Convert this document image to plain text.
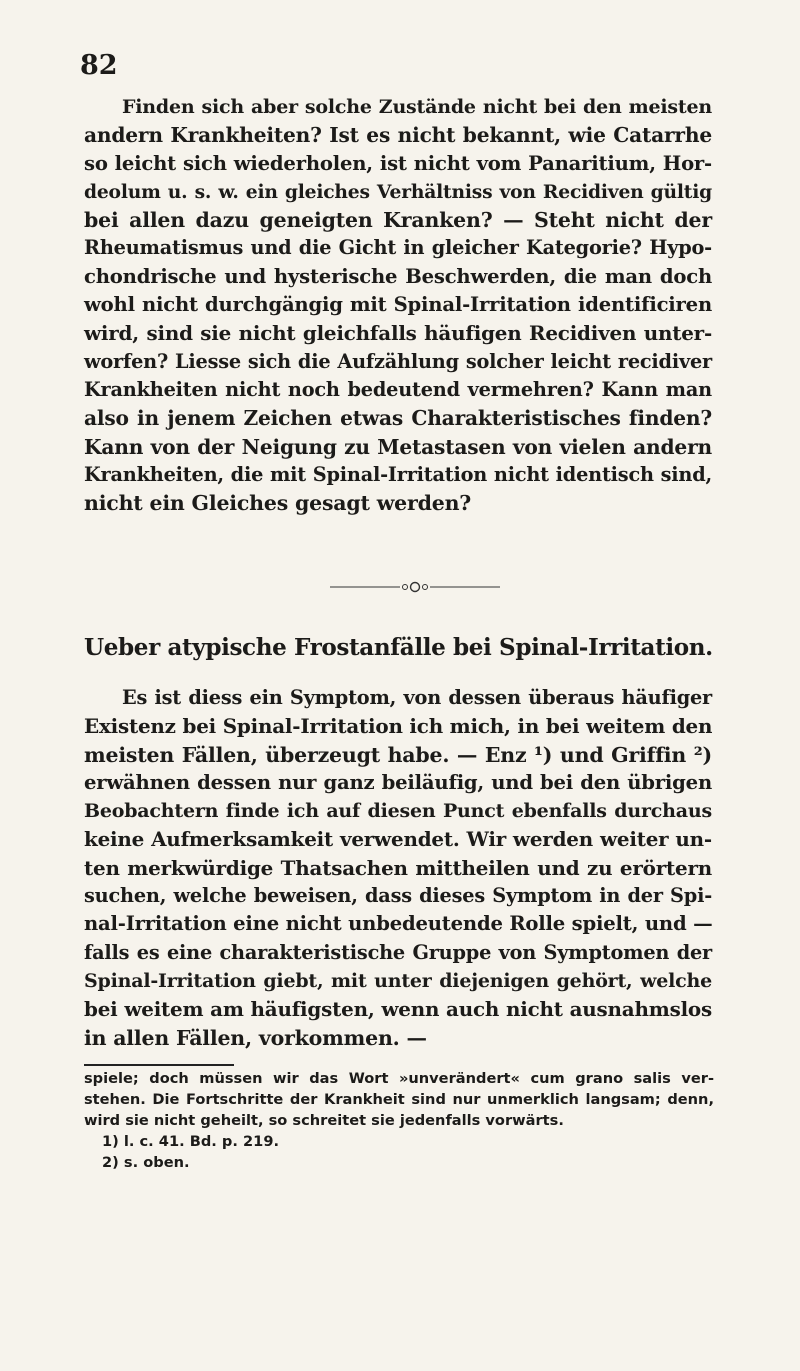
82
Finden sich aber solche Zustände nicht bei den meisten
andern Krankheiten? Ist es nicht bekannt, wie Catarrhe
so leicht sich wiederholen, ist nicht vom Panaritium, Hor-
deolum u. s. w. ein gleiches Verhältniss von Recidiven gültig
bei allen dazu geneigten Kranken? — Steht nicht der
Rheumatismus und die Gicht in gleicher Kategorie? Hypo-
chondrische und hysterische Beschwerden, die man doch
wohl nicht durchgängig mit Spinal-Irritation identificiren
wird, sind sie nicht gleichfalls häufigen Recidiven unter-
worfen? Liesse sich die Aufzählung solcher leicht recidiver
Krankheiten nicht noch bedeutend vermehren? Kann man
also in jenem Zeichen etwas Charakteristisches finden?
Kann von der Neigung zu Metastasen von vielen andern
Krankheiten, die mit Spinal-Irritation nicht identisch sind,
nicht ein Gleiches gesagt werden?
Ueber atypische Frostanfälle bei Spinal-Irritation.
Es ist diess ein Symptom, von dessen überaus häufiger
Existenz bei Spinal-Irritation ich mich, in bei weitem den
meisten Fällen, überzeugt habe. — Enz ¹) und Griffin ²)
erwähnen dessen nur ganz beiläufig, und bei den übrigen
Beobachtern finde ich auf diesen Punct ebenfalls durchaus
keine Aufmerksamkeit verwendet. Wir werden weiter un-
ten merkwürdige Thatsachen mittheilen und zu erörtern
suchen, welche beweisen, dass dieses Symptom in der Spi-
nal-Irritation eine nicht unbedeutende Rolle spielt, und —
falls es eine charakteristische Gruppe von Symptomen der
Spinal-Irritation giebt, mit unter diejenigen gehört, welche
bei weitem am häufigsten, wenn auch nicht ausnahmslos
in allen Fällen, vorkommen. —
spiele; doch müssen wir das Wort »unverändert« cum grano salis ver-
stehen. Die Fortschritte der Krankheit sind nur unmerklich langsam; denn,
wird sie nicht geheilt, so schreitet sie jedenfalls vorwärts.
1) l. c. 41. Bd. p. 219.
2) s. oben.
